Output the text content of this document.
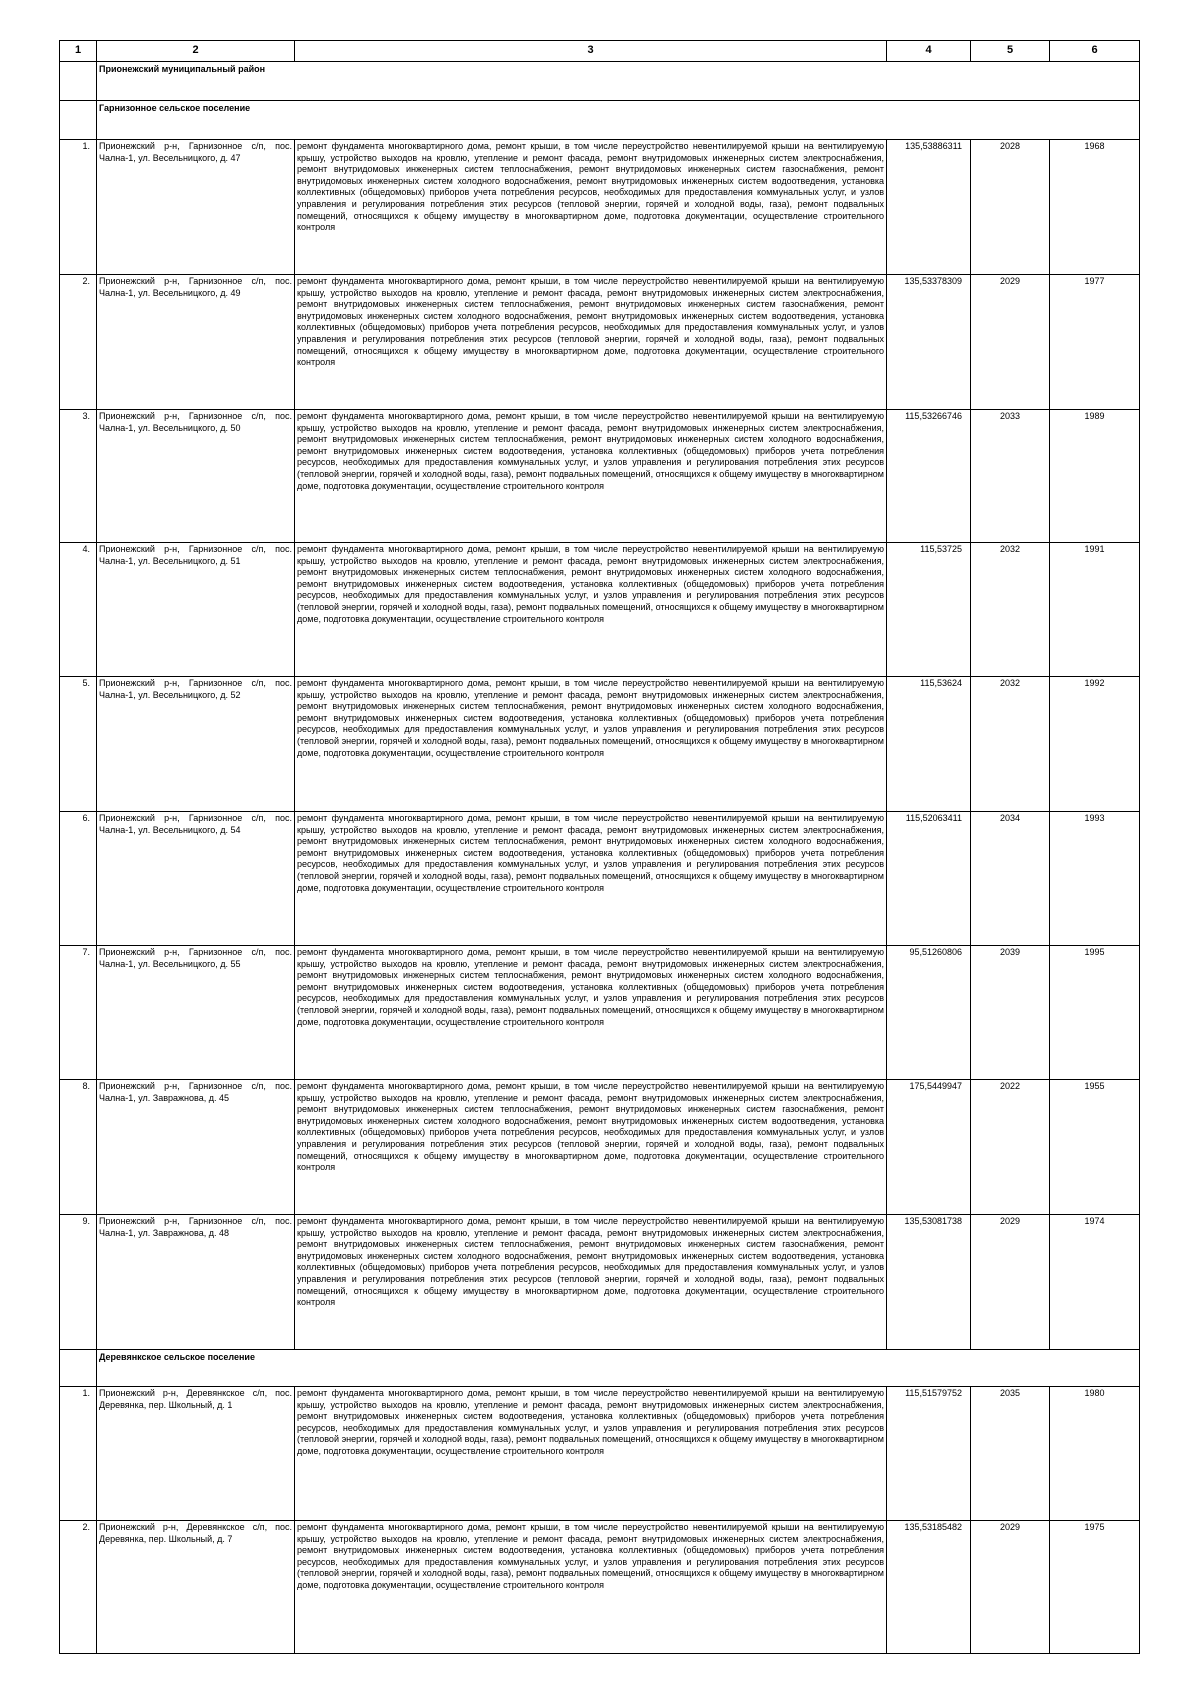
1	2	3	4	5	6
	Прионежский муниципальный район				
	Гарнизонное сельское поселение				
1.	Прионежский р-н, Гарнизонное с/п, пос. Чална-1, ул. Весельницкого, д. 47	ремонт фундамента многоквартирного дома, ремонт крыши, в том числе переустройство невентилируемой крыши на вентилируемую крышу, устройство выходов на кровлю, утепление и ремонт фасада, ремонт внутридомовых инженерных систем электроснабжения, ремонт внутридомовых инженерных систем теплоснабжения, ремонт внутридомовых инженерных систем газоснабжения, ремонт внутридомовых инженерных систем холодного водоснабжения, ремонт внутридомовых инженерных систем водоотведения, установка коллективных (общедомовых) приборов учета потребления ресурсов, необходимых для предоставления коммунальных услуг, и узлов управления и регулирования потребления этих ресурсов (тепловой энергии, горячей и холодной воды, газа), ремонт подвальных помещений, относящихся к общему имуществу в многоквартирном доме, подготовка документации, осуществление строительного контроля	135,53886311	2028	1968
2.	Прионежский р-н, Гарнизонное с/п, пос. Чална-1, ул. Весельницкого, д. 49	ремонт фундамента многоквартирного дома, ремонт крыши, в том числе переустройство невентилируемой крыши на вентилируемую крышу, устройство выходов на кровлю, утепление и ремонт фасада, ремонт внутридомовых инженерных систем электроснабжения, ремонт внутридомовых инженерных систем теплоснабжения, ремонт внутридомовых инженерных систем газоснабжения, ремонт внутридомовых инженерных систем холодного водоснабжения, ремонт внутридомовых инженерных систем водоотведения, установка коллективных (общедомовых) приборов учета потребления ресурсов, необходимых для предоставления коммунальных услуг, и узлов управления и регулирования потребления этих ресурсов (тепловой энергии, горячей и холодной воды, газа), ремонт подвальных помещений, относящихся к общему имуществу в многоквартирном доме, подготовка документации, осуществление строительного контроля	135,53378309	2029	1977
3.	Прионежский р-н, Гарнизонное с/п, пос. Чална-1, ул. Весельницкого, д. 50	ремонт фундамента многоквартирного дома, ремонт крыши, в том числе переустройство невентилируемой крыши на вентилируемую крышу, устройство выходов на кровлю, утепление и ремонт фасада, ремонт внутридомовых инженерных систем электроснабжения, ремонт внутридомовых инженерных систем теплоснабжения, ремонт внутридомовых инженерных систем холодного водоснабжения, ремонт внутридомовых инженерных систем водоотведения, установка коллективных (общедомовых) приборов учета потребления ресурсов, необходимых для предоставления коммунальных услуг, и узлов управления и регулирования потребления этих ресурсов (тепловой энергии, горячей и холодной воды, газа), ремонт подвальных помещений, относящихся к общему имуществу в многоквартирном доме, подготовка документации, осуществление строительного контроля	115,53266746	2033	1989
4.	Прионежский р-н, Гарнизонное с/п, пос. Чална-1, ул. Весельницкого, д. 51	ремонт фундамента многоквартирного дома, ремонт крыши, в том числе переустройство невентилируемой крыши на вентилируемую крышу, устройство выходов на кровлю, утепление и ремонт фасада, ремонт внутридомовых инженерных систем электроснабжения, ремонт внутридомовых инженерных систем теплоснабжения, ремонт внутридомовых инженерных систем холодного водоснабжения, ремонт внутридомовых инженерных систем водоотведения, установка коллективных (общедомовых) приборов учета потребления ресурсов, необходимых для предоставления коммунальных услуг, и узлов управления и регулирования потребления этих ресурсов (тепловой энергии, горячей и холодной воды, газа), ремонт подвальных помещений, относящихся к общему имуществу в многоквартирном доме, подготовка документации, осуществление строительного контроля	115,53725	2032	1991
5.	Прионежский р-н, Гарнизонное с/п, пос. Чална-1, ул. Весельницкого, д. 52	ремонт фундамента многоквартирного дома, ремонт крыши, в том числе переустройство невентилируемой крыши на вентилируемую крышу, устройство выходов на кровлю, утепление и ремонт фасада, ремонт внутридомовых инженерных систем электроснабжения, ремонт внутридомовых инженерных систем теплоснабжения, ремонт внутридомовых инженерных систем холодного водоснабжения, ремонт внутридомовых инженерных систем водоотведения, установка коллективных (общедомовых) приборов учета потребления ресурсов, необходимых для предоставления коммунальных услуг, и узлов управления и регулирования потребления этих ресурсов (тепловой энергии, горячей и холодной воды, газа), ремонт подвальных помещений, относящихся к общему имуществу в многоквартирном доме, подготовка документации, осуществление строительного контроля	115,53624	2032	1992
6.	Прионежский р-н, Гарнизонное с/п, пос. Чална-1, ул. Весельницкого, д. 54	ремонт фундамента многоквартирного дома, ремонт крыши, в том числе переустройство невентилируемой крыши на вентилируемую крышу, устройство выходов на кровлю, утепление и ремонт фасада, ремонт внутридомовых инженерных систем электроснабжения, ремонт внутридомовых инженерных систем теплоснабжения, ремонт внутридомовых инженерных систем холодного водоснабжения, ремонт внутридомовых инженерных систем водоотведения, установка коллективных (общедомовых) приборов учета потребления ресурсов, необходимых для предоставления коммунальных услуг, и узлов управления и регулирования потребления этих ресурсов (тепловой энергии, горячей и холодной воды, газа), ремонт подвальных помещений, относящихся к общему имуществу в многоквартирном доме, подготовка документации, осуществление строительного контроля	115,52063411	2034	1993
7.	Прионежский р-н, Гарнизонное с/п, пос. Чална-1, ул. Весельницкого, д. 55	ремонт фундамента многоквартирного дома, ремонт крыши, в том числе переустройство невентилируемой крыши на вентилируемую крышу, устройство выходов на кровлю, утепление и ремонт фасада, ремонт внутридомовых инженерных систем электроснабжения, ремонт внутридомовых инженерных систем теплоснабжения, ремонт внутридомовых инженерных систем холодного водоснабжения, ремонт внутридомовых инженерных систем водоотведения, установка коллективных (общедомовых) приборов учета потребления ресурсов, необходимых для предоставления коммунальных услуг, и узлов управления и регулирования потребления этих ресурсов (тепловой энергии, горячей и холодной воды, газа), ремонт подвальных помещений, относящихся к общему имуществу в многоквартирном доме, подготовка документации, осуществление строительного контроля	95,51260806	2039	1995
8.	Прионежский р-н, Гарнизонное с/п, пос. Чална-1, ул. Завражнова, д. 45	ремонт фундамента многоквартирного дома, ремонт крыши, в том числе переустройство невентилируемой крыши на вентилируемую крышу, устройство выходов на кровлю, утепление и ремонт фасада, ремонт внутридомовых инженерных систем электроснабжения, ремонт внутридомовых инженерных систем теплоснабжения, ремонт внутридомовых инженерных систем газоснабжения, ремонт внутридомовых инженерных систем холодного водоснабжения, ремонт внутридомовых инженерных систем водоотведения, установка коллективных (общедомовых) приборов учета потребления ресурсов, необходимых для предоставления коммунальных услуг, и узлов управления и регулирования потребления этих ресурсов (тепловой энергии, горячей и холодной воды, газа), ремонт подвальных помещений, относящихся к общему имуществу в многоквартирном доме, подготовка документации, осуществление строительного контроля	175,5449947	2022	1955
9.	Прионежский р-н, Гарнизонное с/п, пос. Чална-1, ул. Завражнова, д. 48	ремонт фундамента многоквартирного дома, ремонт крыши, в том числе переустройство невентилируемой крыши на вентилируемую крышу, устройство выходов на кровлю, утепление и ремонт фасада, ремонт внутридомовых инженерных систем электроснабжения, ремонт внутридомовых инженерных систем теплоснабжения, ремонт внутридомовых инженерных систем газоснабжения, ремонт внутридомовых инженерных систем холодного водоснабжения, ремонт внутридомовых инженерных систем водоотведения, установка коллективных (общедомовых) приборов учета потребления ресурсов, необходимых для предоставления коммунальных услуг, и узлов управления и регулирования потребления этих ресурсов (тепловой энергии, горячей и холодной воды, газа), ремонт подвальных помещений, относящихся к общему имуществу в многоквартирном доме, подготовка документации, осуществление строительного контроля	135,53081738	2029	1974
	Деревянкское сельское поселение				
1.	Прионежский р-н, Деревянкское с/п, пос. Деревянка, пер. Школьный, д. 1	ремонт фундамента многоквартирного дома, ремонт крыши, в том числе переустройство невентилируемой крыши на вентилируемую крышу, устройство выходов на кровлю, утепление и ремонт фасада, ремонт внутридомовых инженерных систем электроснабжения, ремонт внутридомовых инженерных систем водоотведения, установка коллективных (общедомовых) приборов учета потребления ресурсов, необходимых для предоставления коммунальных услуг, и узлов управления и регулирования потребления этих ресурсов (тепловой энергии, горячей и холодной воды, газа), ремонт подвальных помещений, относящихся к общему имуществу в многоквартирном доме, подготовка документации, осуществление строительного контроля	115,51579752	2035	1980
2.	Прионежский р-н, Деревянкское с/п, пос. Деревянка, пер. Школьный, д. 7	ремонт фундамента многоквартирного дома, ремонт крыши, в том числе переустройство невентилируемой крыши на вентилируемую крышу, устройство выходов на кровлю, утепление и ремонт фасада, ремонт внутридомовых инженерных систем электроснабжения, ремонт внутридомовых инженерных систем водоотведения, установка коллективных (общедомовых) приборов учета потребления ресурсов, необходимых для предоставления коммунальных услуг, и узлов управления и регулирования потребления этих ресурсов (тепловой энергии, горячей и холодной воды, газа), ремонт подвальных помещений, относящихся к общему имуществу в многоквартирном доме, подготовка документации, осуществление строительного контроля	135,53185482	2029	1975
